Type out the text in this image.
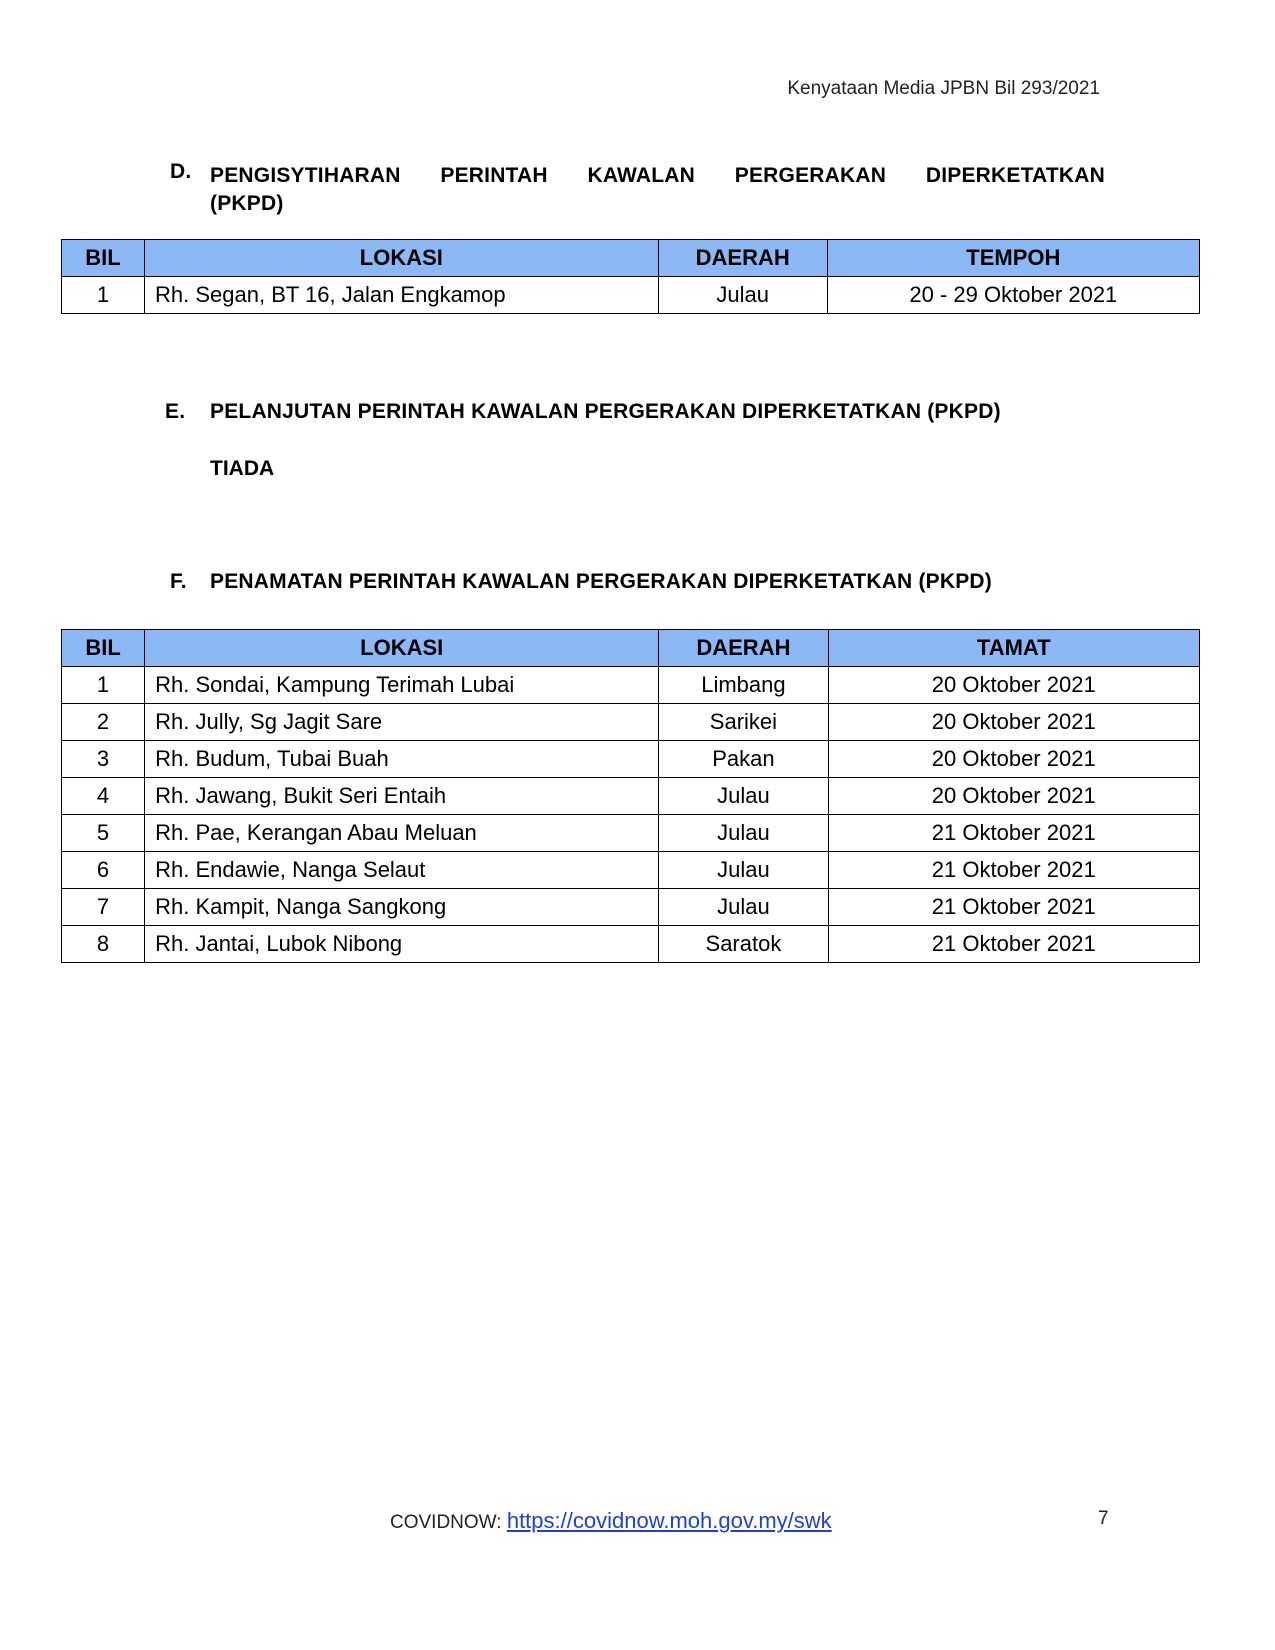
Kenyataan Media JPBN Bil 293/2021
D. PENGISYTIHARAN PERINTAH KAWALAN PERGERAKAN DIPERKETATKAN
(PKPD)
BIL	LOKASI	DAERAH	TEMPOH
1	Rh. Segan, BT 16, Jalan Engkamop	Julau	20 - 29 Oktober 2021
E. PELANJUTAN PERINTAH KAWALAN PERGERAKAN DIPERKETATKAN (PKPD)
TIADA
F. PENAMATAN PERINTAH KAWALAN PERGERAKAN DIPERKETATKAN (PKPD)
BIL	LOKASI	DAERAH	TAMAT
1	Rh. Sondai, Kampung Terimah Lubai	Limbang	20 Oktober 2021
2	Rh. Jully, Sg Jagit Sare	Sarikei	20 Oktober 2021
3	Rh. Budum, Tubai Buah	Pakan	20 Oktober 2021
4	Rh. Jawang, Bukit Seri Entaih	Julau	20 Oktober 2021
5	Rh. Pae, Kerangan Abau Meluan	Julau	21 Oktober 2021
6	Rh. Endawie, Nanga Selaut	Julau	21 Oktober 2021
7	Rh. Kampit, Nanga Sangkong	Julau	21 Oktober 2021
8	Rh. Jantai, Lubok Nibong	Saratok	21 Oktober 2021
COVIDNOW: https://covidnow.moh.gov.my/swk	7
